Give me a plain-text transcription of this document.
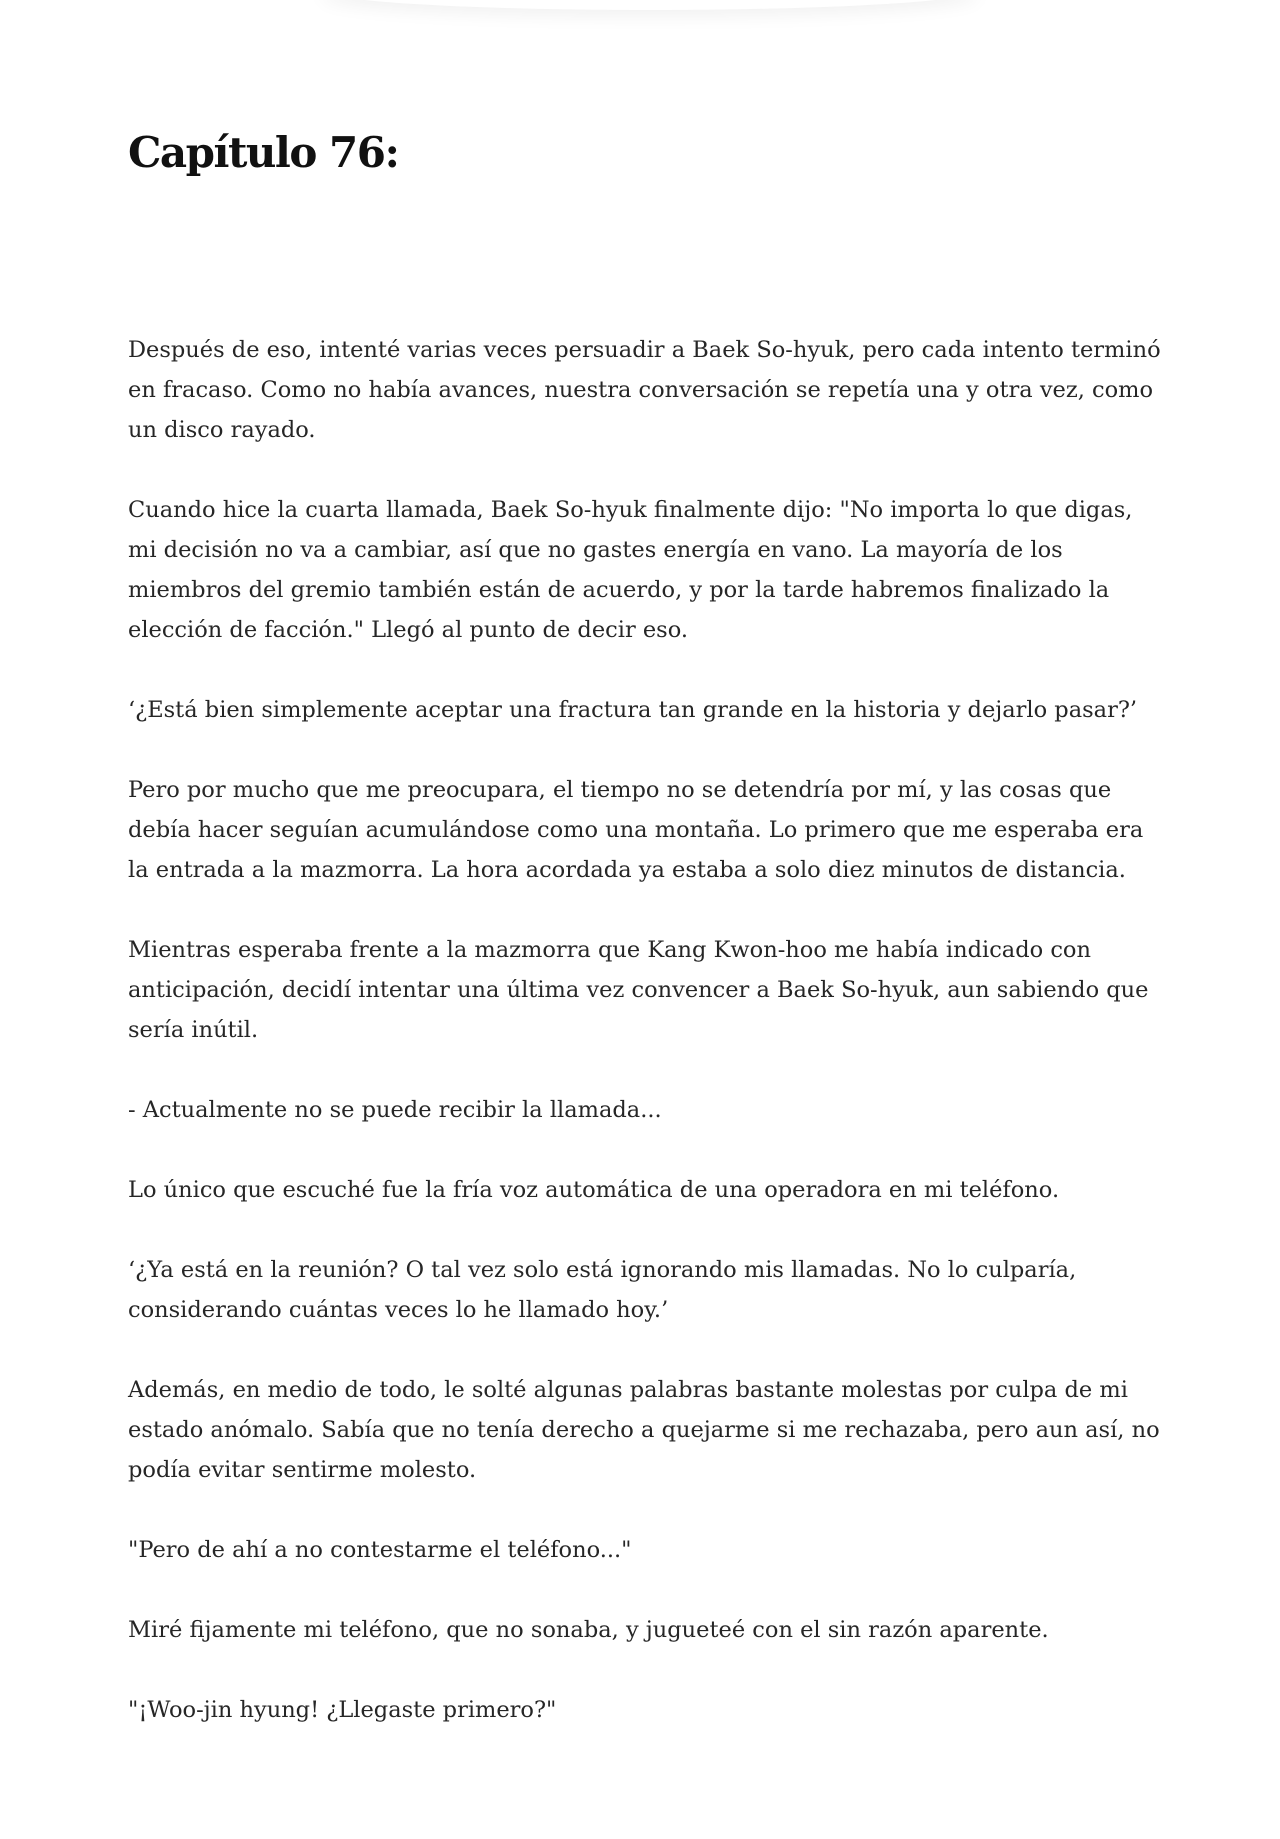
Capítulo 76:

Después de eso, intenté varias veces persuadir a Baek So-hyuk, pero cada intento terminó en fracaso. Como no había avances, nuestra conversación se repetía una y otra vez, como un disco rayado.

Cuando hice la cuarta llamada, Baek So-hyuk finalmente dijo: "No importa lo que digas, mi decisión no va a cambiar, así que no gastes energía en vano. La mayoría de los miembros del gremio también están de acuerdo, y por la tarde habremos finalizado la elección de facción." Llegó al punto de decir eso.

‘¿Está bien simplemente aceptar una fractura tan grande en la historia y dejarlo pasar?’

Pero por mucho que me preocupara, el tiempo no se detendría por mí, y las cosas que debía hacer seguían acumulándose como una montaña. Lo primero que me esperaba era la entrada a la mazmorra. La hora acordada ya estaba a solo diez minutos de distancia.

Mientras esperaba frente a la mazmorra que Kang Kwon-hoo me había indicado con anticipación, decidí intentar una última vez convencer a Baek So-hyuk, aun sabiendo que sería inútil.

- Actualmente no se puede recibir la llamada...

Lo único que escuché fue la fría voz automática de una operadora en mi teléfono.

‘¿Ya está en la reunión? O tal vez solo está ignorando mis llamadas. No lo culparía, considerando cuántas veces lo he llamado hoy.’

Además, en medio de todo, le solté algunas palabras bastante molestas por culpa de mi estado anómalo. Sabía que no tenía derecho a quejarme si me rechazaba, pero aun así, no podía evitar sentirme molesto.

"Pero de ahí a no contestarme el teléfono..."

Miré fijamente mi teléfono, que no sonaba, y jugueteé con el sin razón aparente.

"¡Woo-jin hyung! ¿Llegaste primero?"
